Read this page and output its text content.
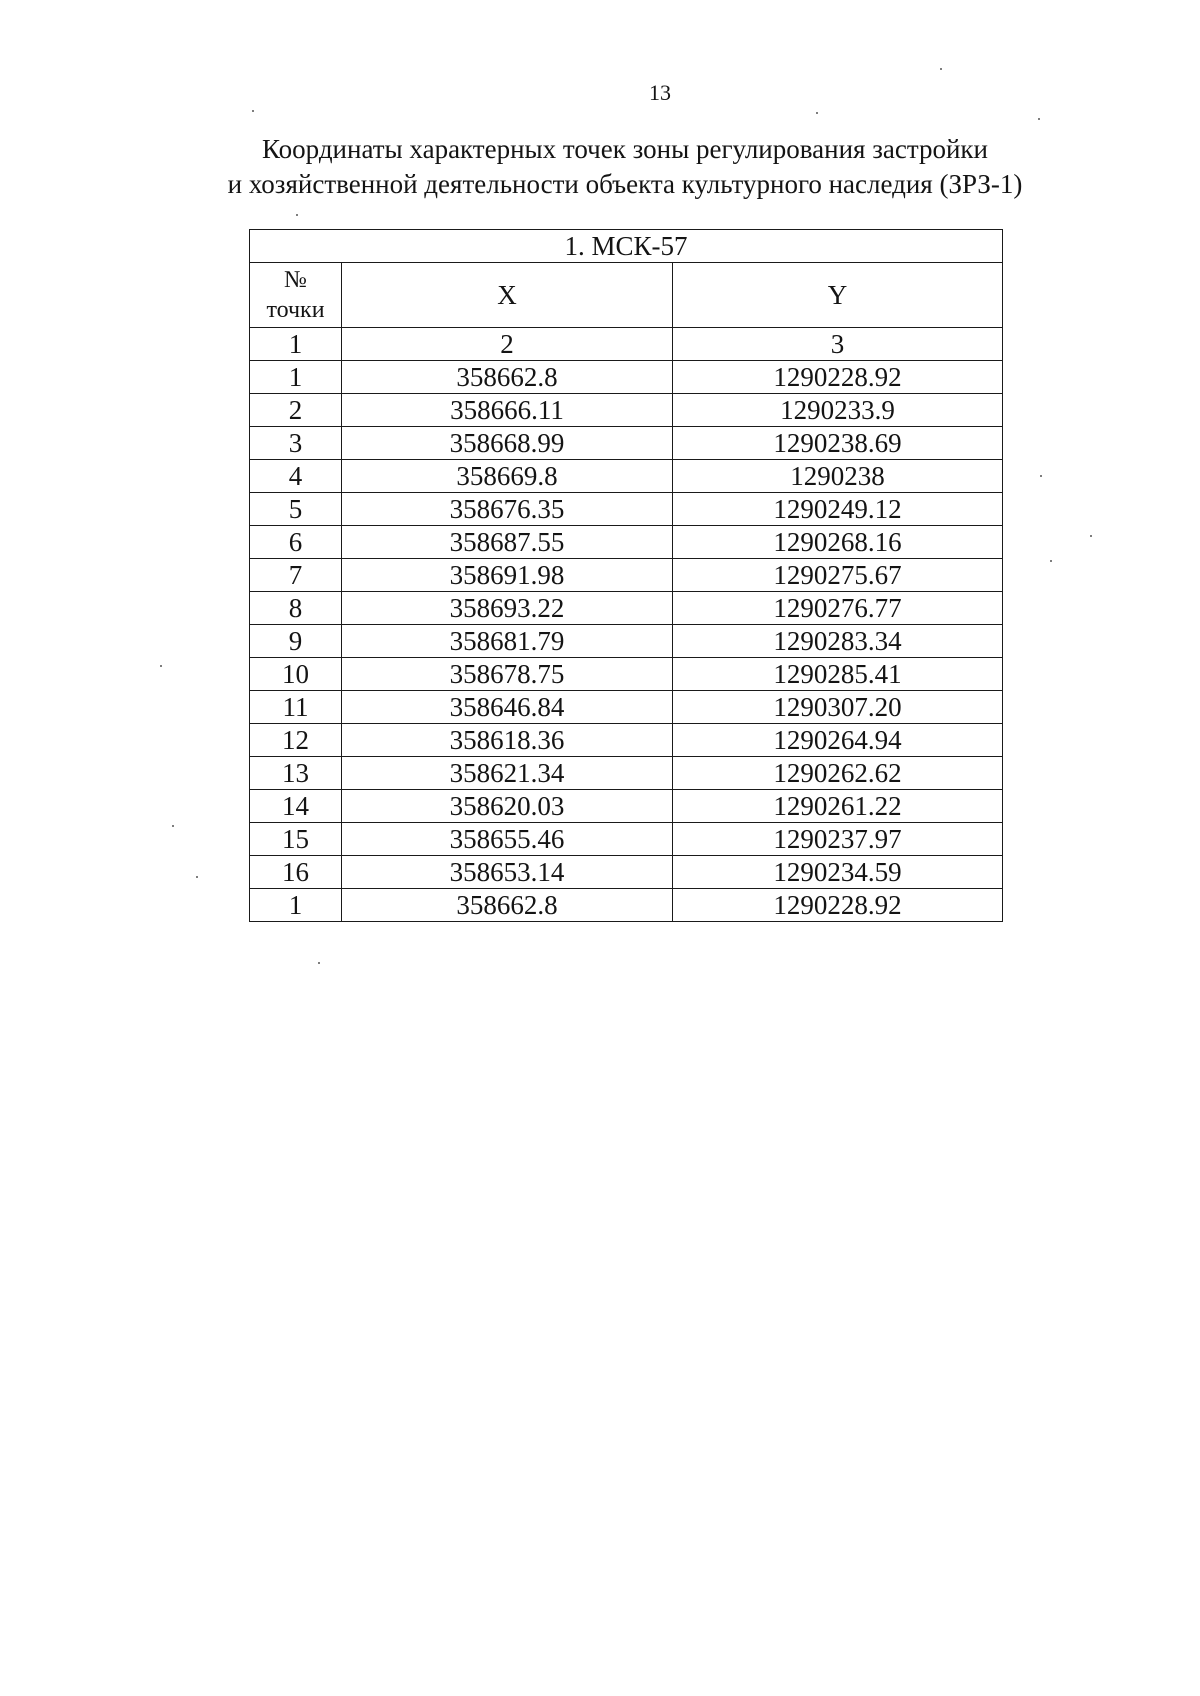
13
Координаты характерных точек зоны регулирования застройки
и хозяйственной деятельности объекта культурного наследия (ЗРЗ-1)
1. МСК-57		

№
точки	X	Y
1	2	3
1	358662.8	1290228.92
2	358666.11	1290233.9
3	358668.99	1290238.69
4	358669.8	1290238
5	358676.35	1290249.12
6	358687.55	1290268.16
7	358691.98	1290275.67
8	358693.22	1290276.77
9	358681.79	1290283.34
10	358678.75	1290285.41
11	358646.84	1290307.20
12	358618.36	1290264.94
13	358621.34	1290262.62
14	358620.03	1290261.22
15	358655.46	1290237.97
16	358653.14	1290234.59
1	358662.8	1290228.92
